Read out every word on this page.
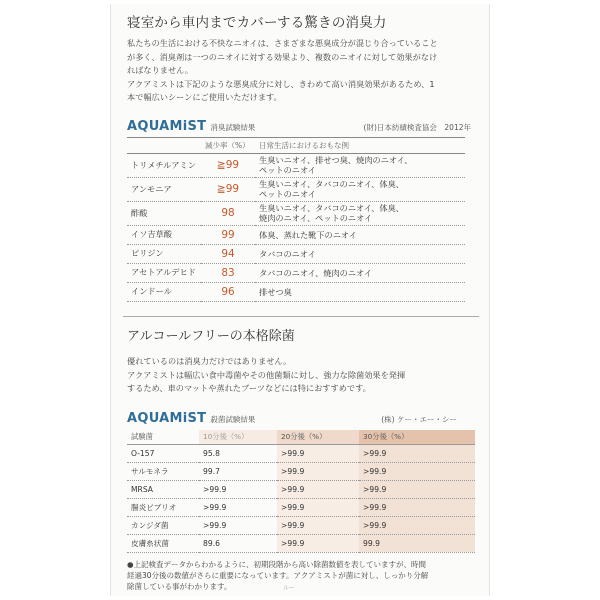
寝室から車内までカバーする驚きの消臭力
私たちの生活における不快なニオイは、さまざまな悪臭成分が混じり合っていること
が多く、消臭剤は一つのニオイに対する効果より、複数のニオイに対して効果がなけ
ればなりません。
アクアミストは下記のような悪臭成分に対し、きわめて高い消臭効果があるため、1
本で幅広いシーンにご使用いただけます。
AQUAMiST 消臭試験結果	(財)日本紡績検査協会　2012年
	減少率（%）	日常生活におけるおもな例
トリメチルアミン	≧99	生臭いニオイ、排せつ臭、焼肉のニオイ、
ペットのニオイ

アンモニア	≧99	生臭いニオイ、タバコのニオイ、体臭、
ペットのニオイ

酢酸	98	生臭いニオイ、タバコのニオイ、体臭、
焼肉のニオイ、ペットのニオイ

イソ吉草酸	99	体臭、蒸れた靴下のニオイ
ピリジン	94	タバコのニオイ
アセトアルデヒド	83	タバコのニオイ、焼肉のニオイ
インドール	96	排せつ臭
アルコールフリーの本格除菌
優れているのは消臭力だけではありません。
アクアミストは幅広い食中毒菌やその他菌類に対し、強力な除菌効果を発揮
するため、車のマットや蒸れたブーツなどには特におすすめです。
AQUAMiST 殺菌試験結果	(株) ケー・エー・シー
試験菌	10分後（%）	20分後（%）	30分後（%）
O-157	95.8	>99.9	>99.9
サルモネラ	99.7	>99.9	>99.9
MRSA	>99.9	>99.9	>99.9
腸炎ビブリオ	>99.9	>99.9	>99.9
カンジダ菌	>99.9	>99.9	>99.9
皮膚糸状菌	89.6	>99.9	99.9
●上記検査データからわかるように、初期段階から高い除菌数値を表していますが、時間
経過30分後の数値がさらに重要になっています。アクアミストが菌に対し、しっかり分解
除菌している事がわかります。	ルー
